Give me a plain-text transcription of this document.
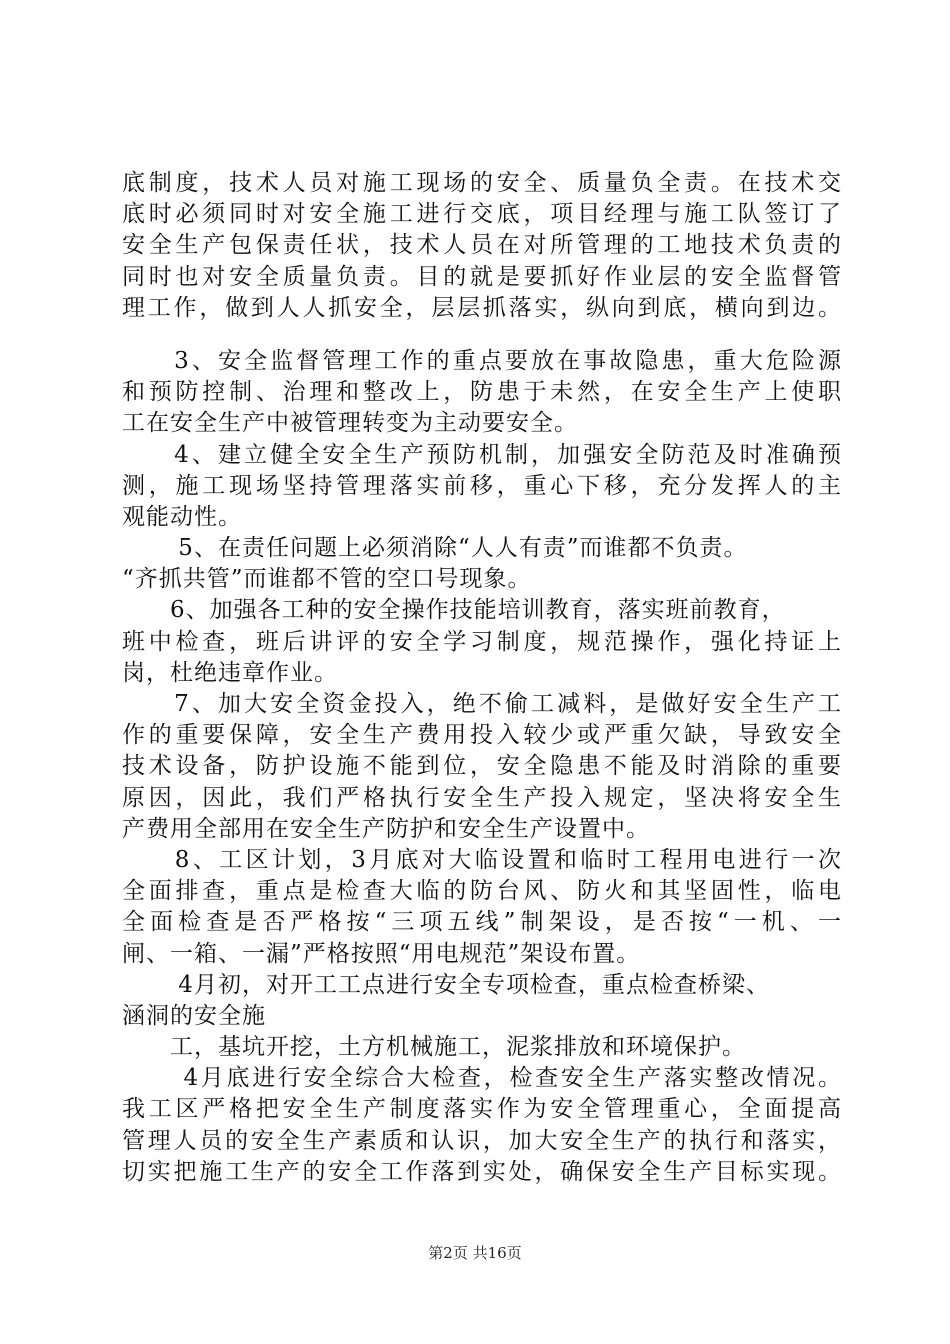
底制度，技术人员对施工现场的安全、质量负全责。在技术交
底时必须同时对安全施工进行交底，项目经理与施工队签订了
安全生产包保责任状，技术人员在对所管理的工地技术负责的
同时也对安全质量负责。目的就是要抓好作业层的安全监督管
理工作，做到人人抓安全，层层抓落实，纵向到底，横向到边。
　　3、安全监督管理工作的重点要放在事故隐患，重大危险源
和预防控制、治理和整改上，防患于未然，在安全生产上使职
工在安全生产中被管理转变为主动要安全。
　　4、建立健全安全生产预防机制，加强安全防范及时准确预
测，施工现场坚持管理落实前移，重心下移，充分发挥人的主
观能动性。
　　 5、在责任问题上必须消除“人人有责”而谁都不负责。
“齐抓共管”而谁都不管的空口号现象。
　　6、加强各工种的安全操作技能培训教育，落实班前教育，
班中检查，班后讲评的安全学习制度，规范操作，强化持证上
岗，杜绝违章作业。
　　7、加大安全资金投入，绝不偷工减料，是做好安全生产工
作的重要保障，安全生产费用投入较少或严重欠缺，导致安全
技术设备，防护设施不能到位，安全隐患不能及时消除的重要
原因，因此，我们严格执行安全生产投入规定，坚决将安全生
产费用全部用在安全生产防护和安全生产设置中。
　　8、工区计划，3月底对大临设置和临时工程用电进行一次
全面排查，重点是检查大临的防台风、防火和其坚固性，临电
全面检查是否严格按“三项五线”制架设，是否按“一机、一
闸、一箱、一漏”严格按照“用电规范”架设布置。
　　 4月初，对开工工点进行安全专项检查，重点检查桥梁、
涵洞的安全施
　　工，基坑开挖，土方机械施工，泥浆排放和环境保护。
　　 4月底进行安全综合大检查，检查安全生产落实整改情况。
我工区严格把安全生产制度落实作为安全管理重心，全面提高
管理人员的安全生产素质和认识，加大安全生产的执行和落实，
切实把施工生产的安全工作落到实处，确保安全生产目标实现。
第2页 共16页
